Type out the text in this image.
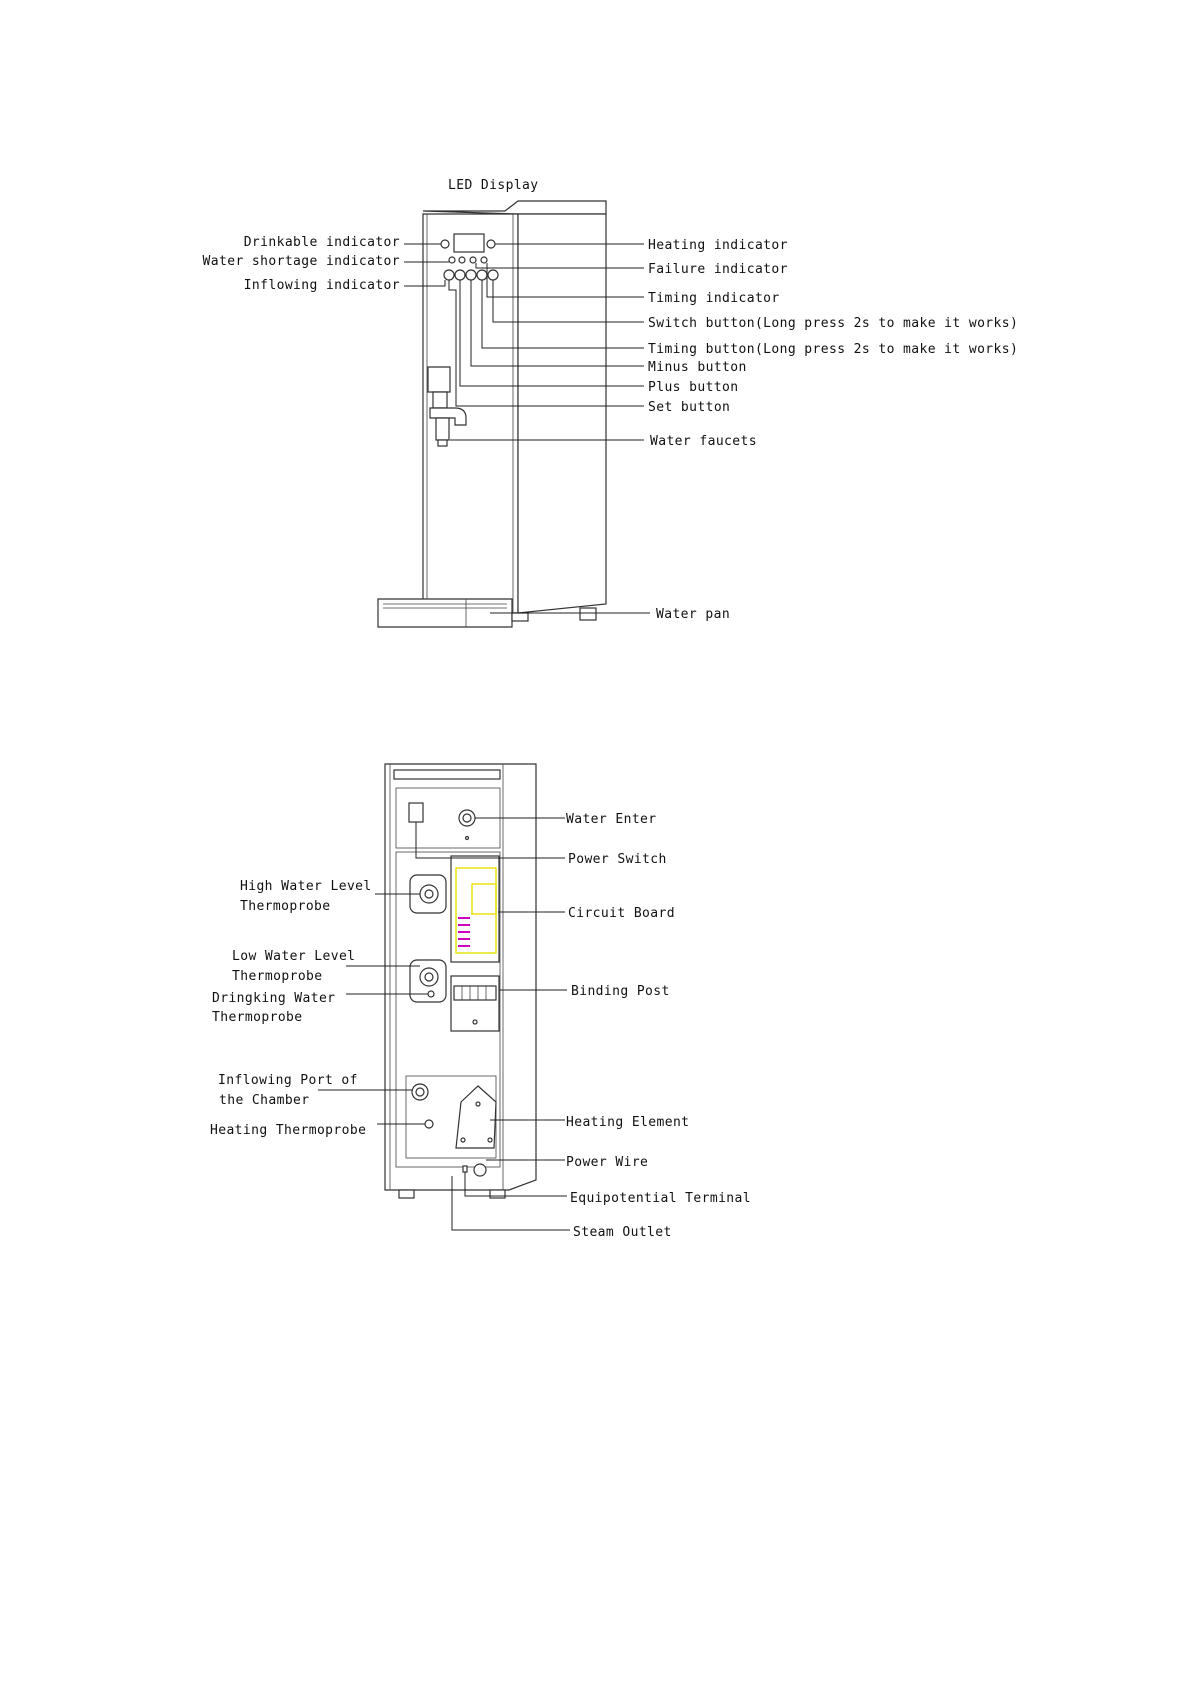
LED Display
Drinkable indicator
Water shortage indicator
Inflowing indicator
Heating indicator
Failure indicator
Timing indicator
Switch button(Long press 2s to make it works)
Timing button(Long press 2s to make it works)
Minus button
Plus button
Set button
Water faucets
Water pan
Water Enter
Power Switch
Circuit Board
Binding Post
Heating Element
Power Wire
Equipotential Terminal
Steam Outlet
High Water Level
Thermoprobe
Low Water Level
Thermoprobe
Dringking Water
Thermoprobe
Inflowing Port of
the Chamber
Heating Thermoprobe
